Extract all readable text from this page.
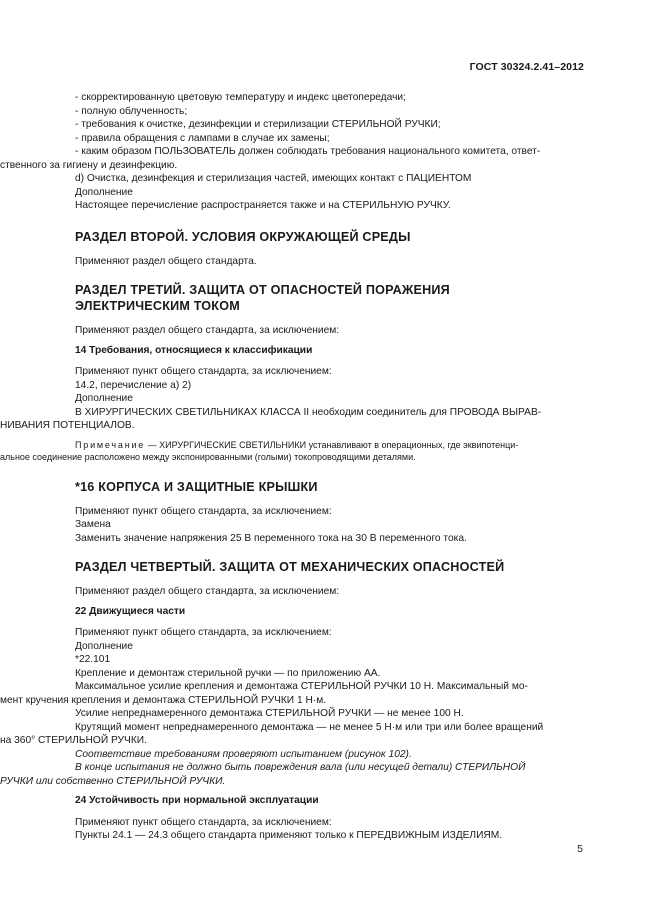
ГОСТ 30324.2.41–2012

- скорректированную цветовую температуру и индекс цветопередачи;

- полную облученность;

- требования к очистке, дезинфекции и стерилизации СТЕРИЛЬНОЙ РУЧКИ;

- правила обращения с лампами в случае их замены;

- каким образом ПОЛЬЗОВАТЕЛЬ должен соблюдать требования национального комитета, ответ-

ственного за гигиену и дезинфекцию.

d) Очистка, дезинфекция и стерилизация частей, имеющих контакт с ПАЦИЕНТОМ

Дополнение

Настоящее перечисление распространяется также и на СТЕРИЛЬНУЮ РУЧКУ.

РАЗДЕЛ ВТОРОЙ. УСЛОВИЯ ОКРУЖАЮЩЕЙ СРЕДЫ

Применяют раздел общего стандарта.

РАЗДЕЛ ТРЕТИЙ. ЗАЩИТА ОТ ОПАСНОСТЕЙ ПОРАЖЕНИЯ

ЭЛЕКТРИЧЕСКИМ ТОКОМ

Применяют раздел общего стандарта, за исключением:

14 Требования, относящиеся к классификации

Применяют пункт общего стандарта, за исключением:

14.2, перечисление а) 2)

Дополнение

В ХИРУРГИЧЕСКИХ СВЕТИЛЬНИКАХ КЛАССА II необходим соединитель для ПРОВОДА ВЫРАВ-

НИВАНИЯ ПОТЕНЦИАЛОВ.

Примечание — ХИРУРГИЧЕСКИЕ СВЕТИЛЬНИКИ устанавливают в операционных, где эквипотенци-

альное соединение расположено между экспонированными (голыми) токопроводящими деталями.

*16 КОРПУСА И ЗАЩИТНЫЕ КРЫШКИ

Применяют пункт общего стандарта, за исключением:

Замена

Заменить значение напряжения 25 В переменного тока на 30 В переменного тока.

РАЗДЕЛ ЧЕТВЕРТЫЙ. ЗАЩИТА ОТ МЕХАНИЧЕСКИХ ОПАСНОСТЕЙ

Применяют раздел общего стандарта, за исключением:

22 Движущиеся части

Применяют пункт общего стандарта, за исключением:

Дополнение

*22.101

Крепление и демонтаж стерильной ручки — по приложению АА.

Максимальное усилие крепления и демонтажа СТЕРИЛЬНОЙ РУЧКИ 10 Н. Максимальный мо-

мент кручения крепления и демонтажа СТЕРИЛЬНОЙ РУЧКИ 1 Н·м.

Усилие непреднамеренного демонтажа СТЕРИЛЬНОЙ РУЧКИ — не менее 100 Н.

Крутящий момент непреднамеренного демонтажа — не менее 5 Н·м или три или более вращений

на 360° СТЕРИЛЬНОЙ РУЧКИ.

Соответствие требованиям проверяют испытанием (рисунок 102).

В конце испытания не должно быть повреждения вала (или несущей детали) СТЕРИЛЬНОЙ

РУЧКИ или собственно СТЕРИЛЬНОЙ РУЧКИ.

24 Устойчивость при нормальной эксплуатации

Применяют пункт общего стандарта, за исключением:

Пункты 24.1 — 24.3 общего стандарта применяют только к ПЕРЕДВИЖНЫМ ИЗДЕЛИЯМ.

5
